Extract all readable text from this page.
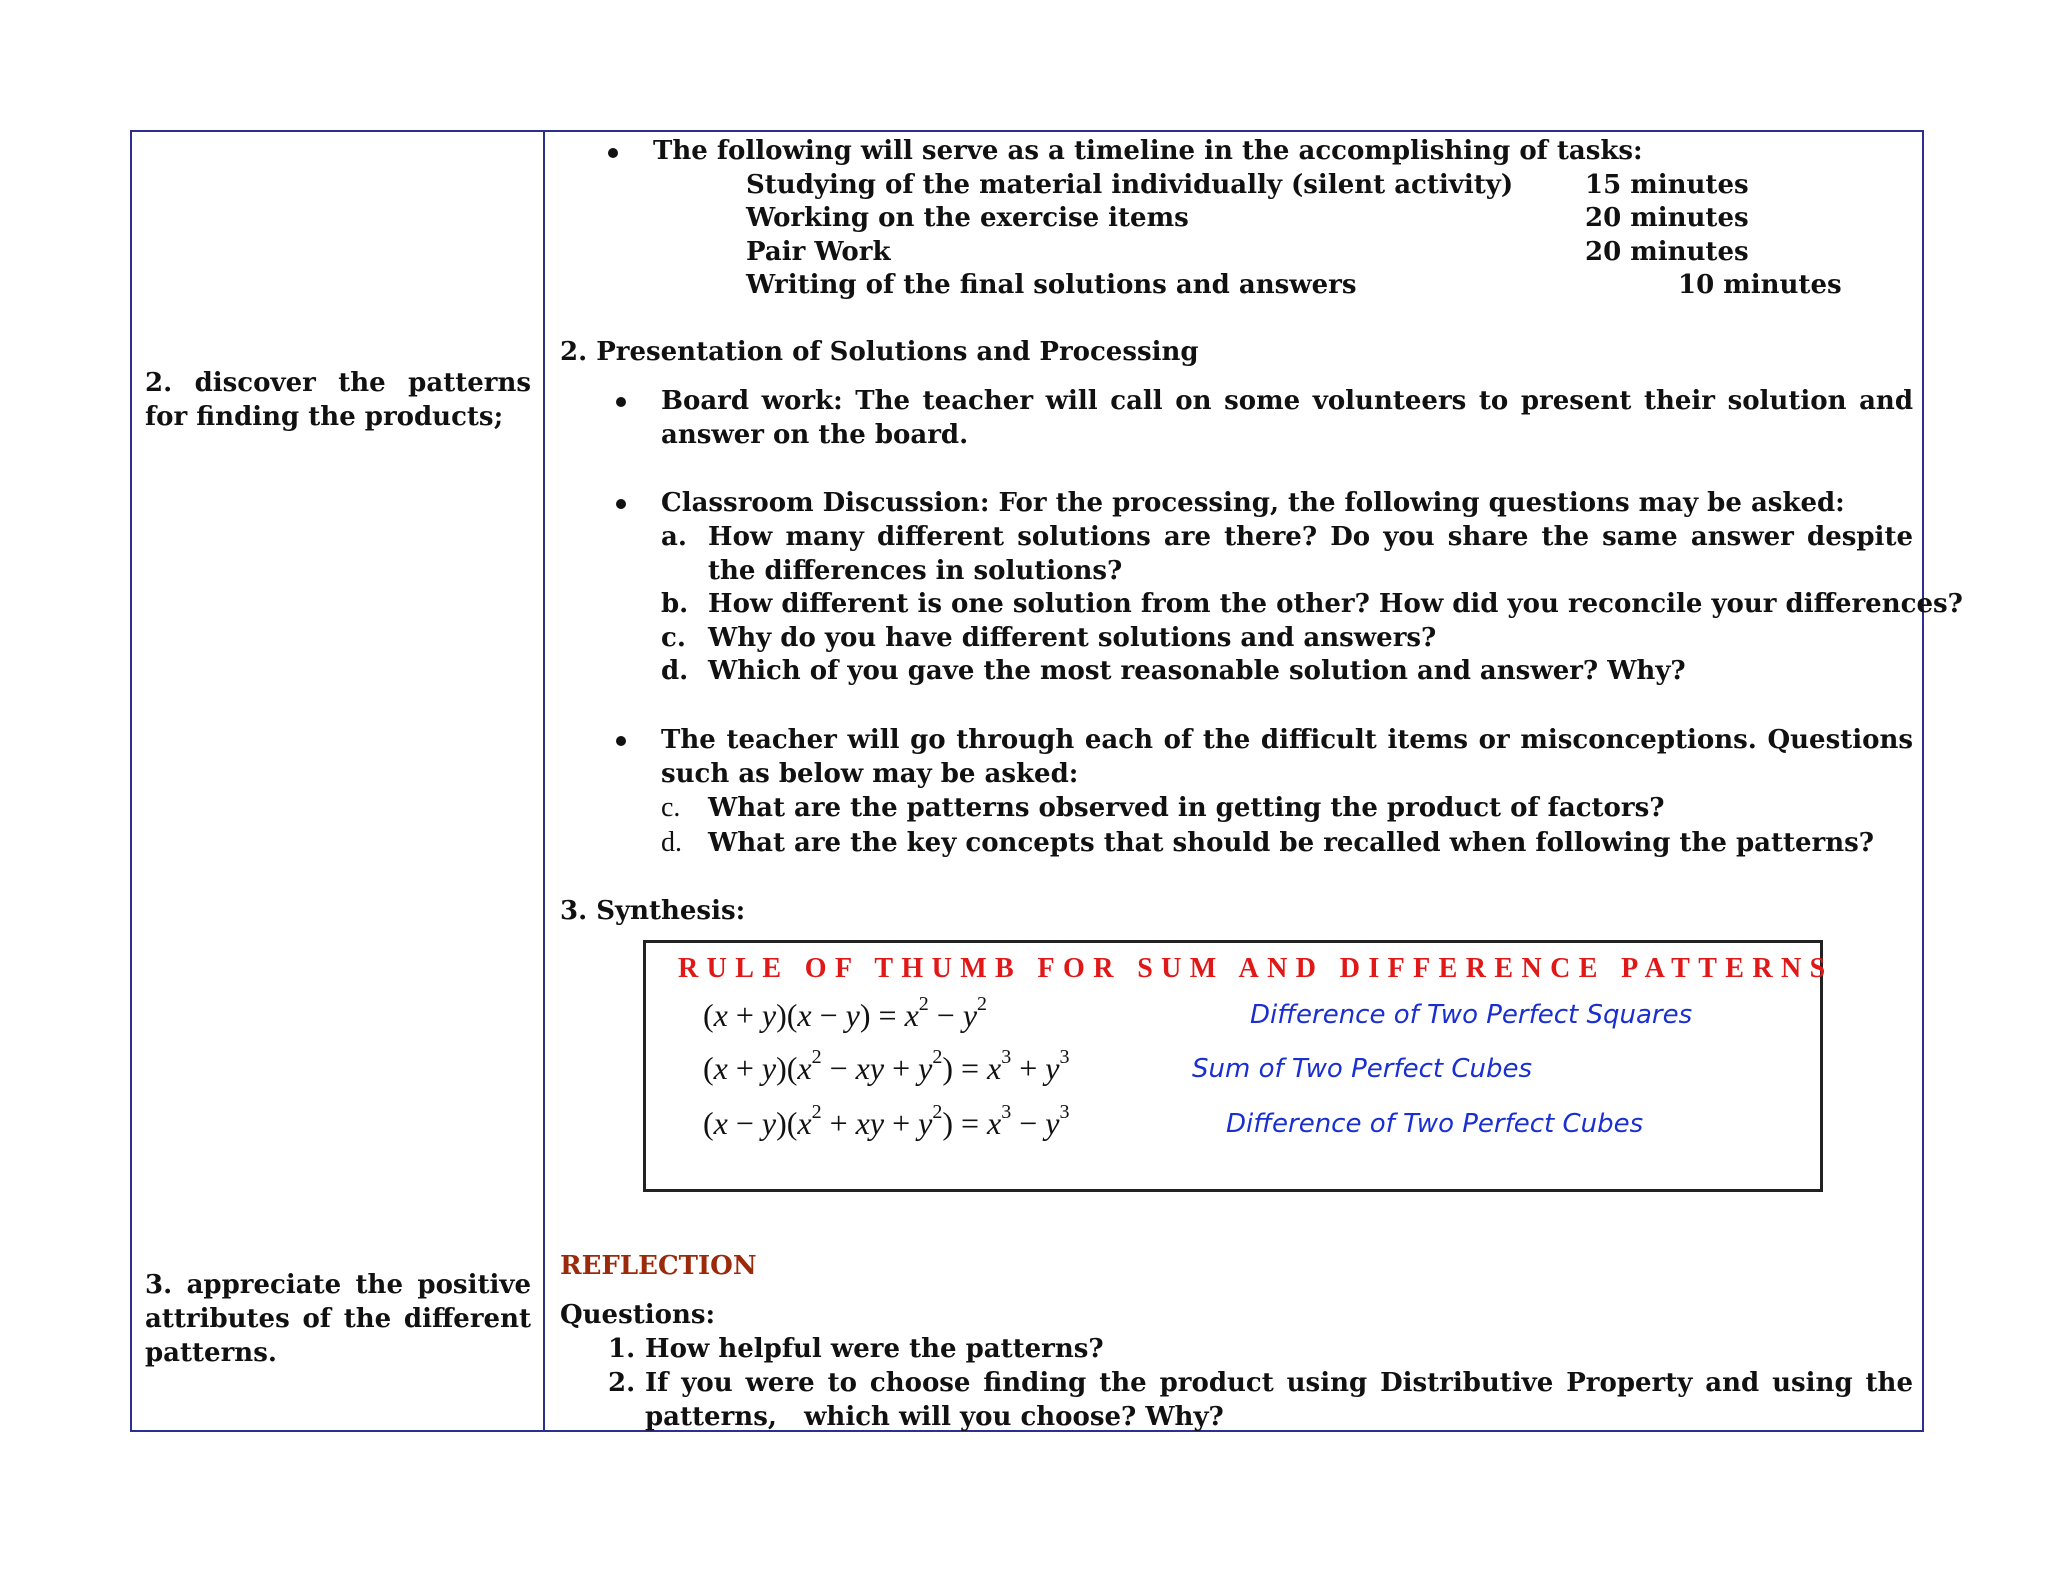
2. discover the patterns for finding the products;
3. appreciate the positive attributes of the different patterns.
The following will serve as a timeline in the accomplishing of tasks:
Studying of the material individually (silent activity)	15 minutes
Working on the exercise items	20 minutes
Pair Work	20 minutes
Writing of the final solutions and answers	10 minutes
2. Presentation of Solutions and Processing
Board work: The teacher will call on some volunteers to present their solution and answer on the board.
Classroom Discussion: For the processing, the following questions may be asked:
a. How many different solutions are there? Do you share the same answer despite the differences in solutions?
b. How different is one solution from the other? How did you reconcile your differences?
c. Why do you have different solutions and answers?
d. Which of you gave the most reasonable solution and answer? Why?
The teacher will go through each of the difficult items or misconceptions. Questions such as below may be asked:
c. What are the patterns observed in getting the product of factors?
d. What are the key concepts that should be recalled when following the patterns?
3. Synthesis:
RULE OF THUMB FOR SUM AND DIFFERENCE PATTERNS
$(x + y)(x - y) = x^2 - y^2$	Difference of Two Perfect Squares
$(x + y)(x^2$ − xy + $y^2) = x^3 + y^3$	Sum of Two Perfect Cubes
$(x - y)(x^2$ + xy + $y^2) = x^3 - y^3$	Difference of Two Perfect Cubes
REFLECTION
Questions:
1. How helpful were the patterns?
2. If you were to choose finding the product using Distributive Property and using the patterns,   which will you choose? Why?
